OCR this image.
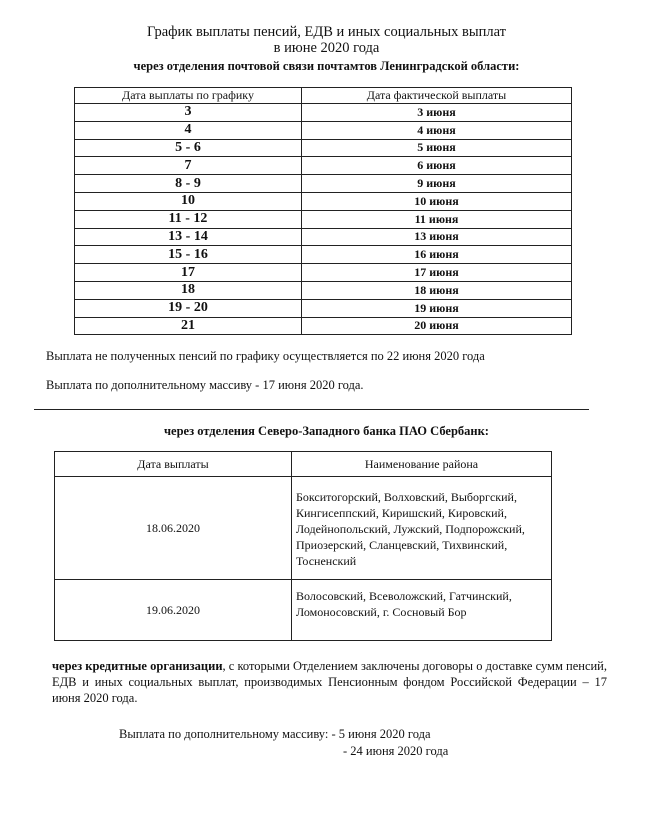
График выплаты пенсий, ЕДВ и иных социальных выплат
в июне 2020 года
через отделения почтовой связи почтамтов Ленинградской области:
Дата выплаты по графику	Дата фактической выплаты
3	3 июня
4	4 июня
5 - 6	5 июня
7	6 июня
8 - 9	9 июня
10	10 июня
11 - 12	11 июня
13 - 14	13 июня
15 - 16	16 июня
17	17 июня
18	18 июня
19 - 20	19 июня
21	20 июня
Выплата не полученных пенсий по графику осуществляется по 22 июня 2020 года
Выплата по дополнительному массиву - 17 июня 2020 года.
через отделения Северо-Западного банка ПАО Сбербанк:
Дата выплаты	Наименование района
18.06.2020	Бокситогорский, Волховский, Выборгский,
Кингисеппский, Киришский, Кировский,
Лодейнопольский, Лужский, Подпорожский,
Приозерский, Сланцевский, Тихвинский,
Тосненский

19.06.2020	Волосовский, Всеволожский, Гатчинский,
Ломоносовский, г. Сосновый Бор
через кредитные организации, с которыми Отделением заключены договоры о доставке сумм пенсий, ЕДВ и иных социальных выплат, производимых Пенсионным фондом Российской Федерации – 17 июня 2020 года.
Выплата по дополнительному массиву: - 5 июня 2020 года
- 24 июня 2020 года
